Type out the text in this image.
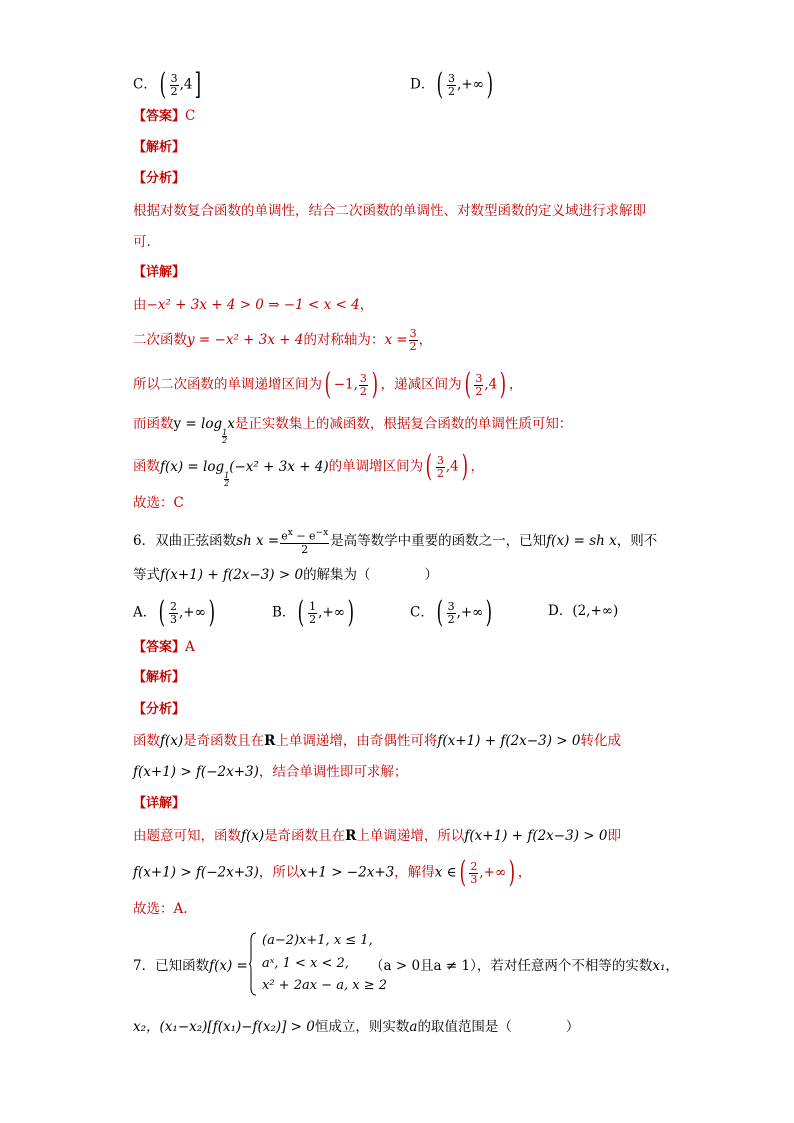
C．( $\frac{3}{2} ,4$]	D．( $\frac{3}{2}$ ,+∞)
【答案】C
【解析】
【分析】
根据对数复合函数的单调性，结合二次函数的单调性、对数型函数的定义域进行求解即
可.
【详解】
由−x² + 3x + 4 > 0 ⇒ −1 < x < 4，
二次函数y = −x² + 3x + 4的对称轴为：$x = \frac{3}{2}$ ，
所以二次函数的单调递增区间为( −1, $\frac{3}{2}$ ) ，递减区间为( $\frac{3}{2} ,4$) ，
而函数y = log
$\frac{1}{2}$
x是正实数集上的减函数，根据复合函数的单调性质可知：
函数f(x) = log
$\frac{1}{2}$
(−x² + 3x + 4)的单调增区间为( $\frac{3}{2} ,4$) ，
故选：C
6．双曲正弦函数sh $x = \frac{e^x - e^{-x}}{2}$ 是高等数学中重要的函数之一，已知f(x) = sh x，则不
等式f(x+1) + f(2x−3) > 0的解集为（　　　　）
A．( $\frac{2}{3}$ ,+∞)	B．( $\frac{1}{2}$ ,+∞)	C．( $\frac{3}{2}$ ,+∞)	D．(2,+∞)
【答案】A
【解析】
【分析】
函数f(x)是奇函数且在R上单调递增，由奇偶性可将f(x+1) + f(2x−3) > 0转化成
f(x+1) > f(−2x+3)，结合单调性即可求解；
【详解】
由题意可知，函数f(x)是奇函数且在R上单调递增，所以f(x+1) + f(2x−3) > 0即
f(x+1) > f(−2x+3)，所以x+1 > −2x+3，解得x ∈( $\frac{2}{3}$ ,+∞) ，
故选：A.
7．已知函数f(x) =
(a−2)x+1, x ≤ 1,
aˣ, 1 < x < 2,
x² + 2ax − a, x ≥ 2
（a > 0且a ≠ 1），若对任意两个不相等的实数x₁，
x₂，(x₁−x₂)[f(x₁)−f(x₂)] > 0恒成立，则实数a的取值范围是（　　　　）
